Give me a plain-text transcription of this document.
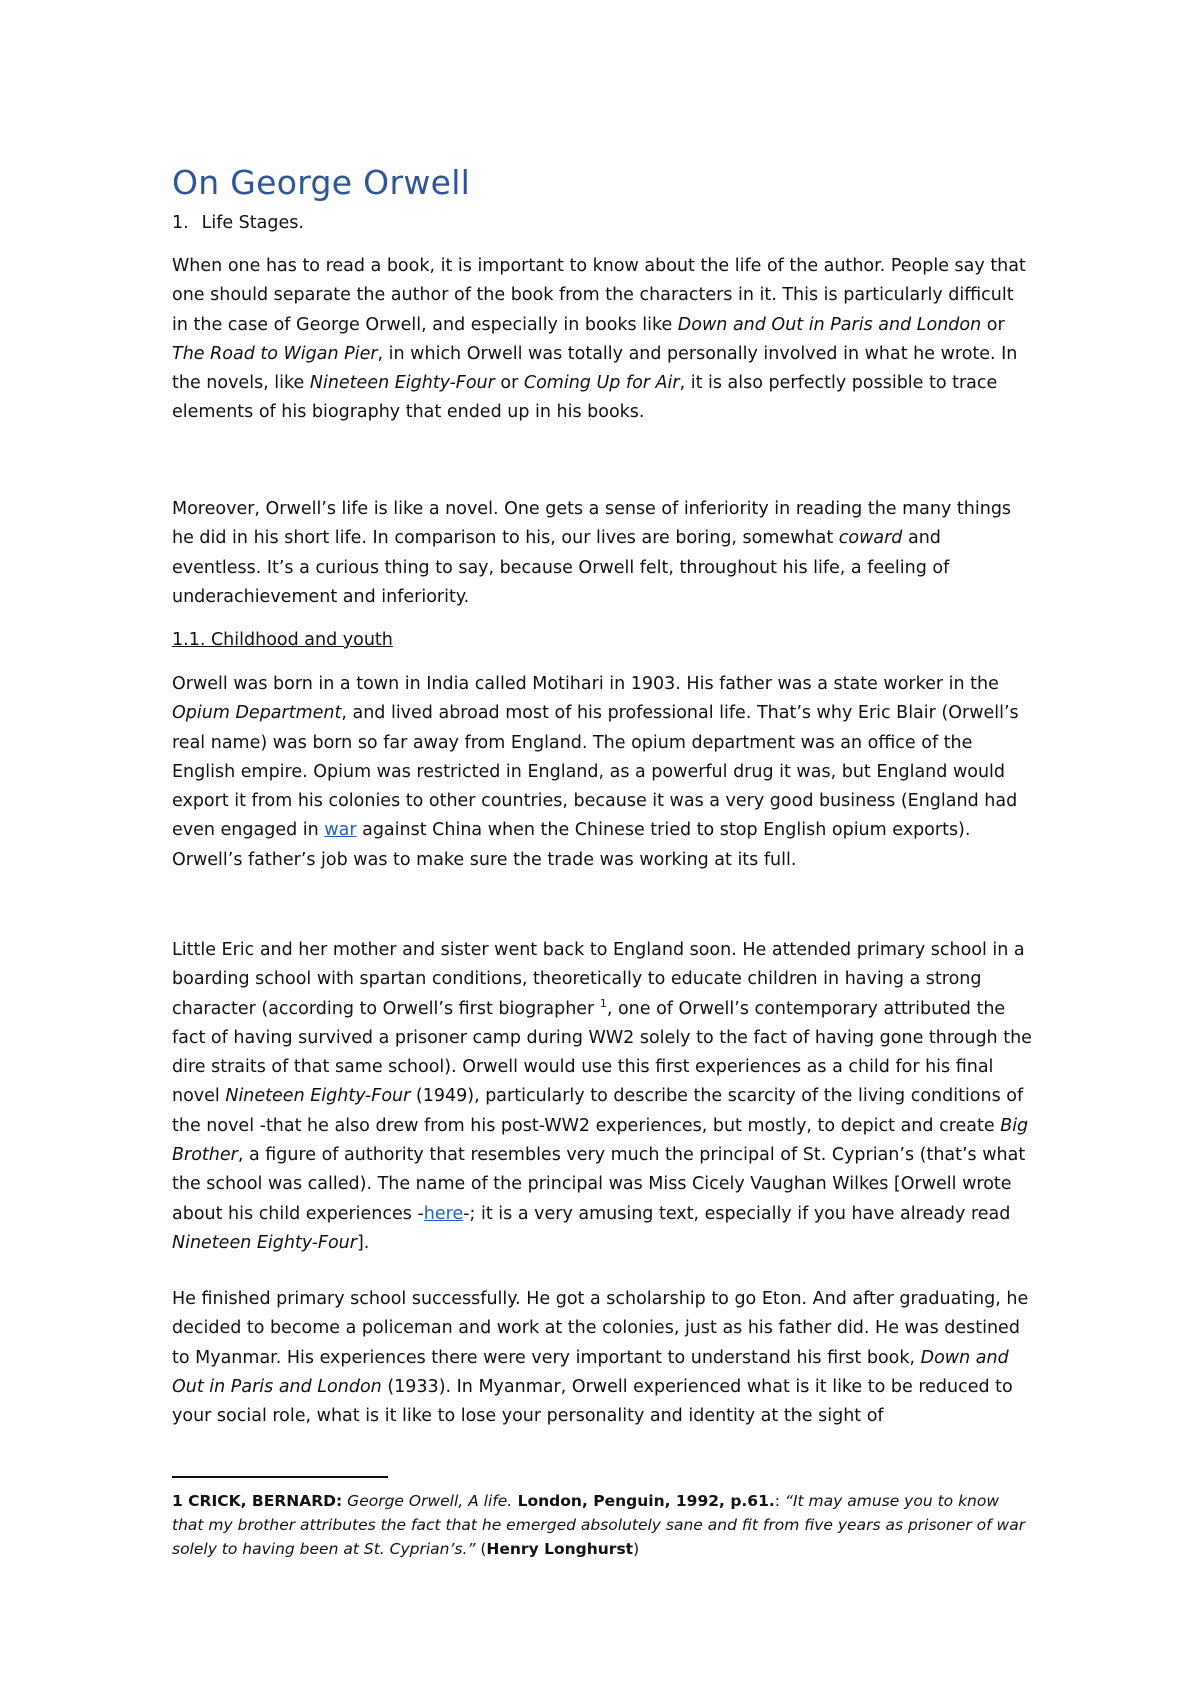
On George Orwell
1. Life Stages.

When one has to read a book, it is important to know about the life of the author. People say that one should separate the author of the book from the characters in it. This is particularly difficult in the case of George Orwell, and especially in books like Down and Out in Paris and London or The Road to Wigan Pier, in which Orwell was totally and personally involved in what he wrote. In the novels, like Nineteen Eighty-Four or Coming Up for Air, it is also perfectly possible to trace elements of his biography that ended up in his books.

Moreover, Orwell’s life is like a novel. One gets a sense of inferiority in reading the many things he did in his short life. In comparison to his, our lives are boring, somewhat coward and eventless. It’s a curious thing to say, because Orwell felt, throughout his life, a feeling of underachievement and inferiority.

1.1. Childhood and youth

Orwell was born in a town in India called Motihari in 1903. His father was a state worker in the Opium Department, and lived abroad most of his professional life. That’s why Eric Blair (Orwell’s real name) was born so far away from England. The opium department was an office of the English empire. Opium was restricted in England, as a powerful drug it was, but England would export it from his colonies to other countries, because it was a very good business (England had even engaged in war against China when the Chinese tried to stop English opium exports). Orwell’s father’s job was to make sure the trade was working at its full.

Little Eric and her mother and sister went back to England soon. He attended primary school in a boarding school with spartan conditions, theoretically to educate children in having a strong character (according to Orwell’s first biographer $^1$, one of Orwell’s contemporary attributed the fact of having survived a prisoner camp during WW2 solely to the fact of having gone through the dire straits of that same school). Orwell would use this first experiences as a child for his final novel Nineteen Eighty-Four (1949), particularly to describe the scarcity of the living conditions of the novel -that he also drew from his post-WW2 experiences, but mostly, to depict and create Big Brother, a figure of authority that resembles very much the principal of St. Cyprian’s (that’s what the school was called). The name of the principal was Miss Cicely Vaughan Wilkes [Orwell wrote about his child experiences -here-; it is a very amusing text, especially if you have already read Nineteen Eighty-Four].

He finished primary school successfully. He got a scholarship to go Eton. And after graduating, he decided to become a policeman and work at the colonies, just as his father did. He was destined to Myanmar. His experiences there were very important to understand his first book, Down and Out in Paris and London (1933). In Myanmar, Orwell experienced what is it like to be reduced to your social role, what is it like to lose your personality and identity at the sight of

1 CRICK, BERNARD: George Orwell, A life. London, Penguin, 1992, p.61.: “It may amuse you to know that my brother attributes the fact that he emerged absolutely sane and fit from five years as prisoner of war solely to having been at St. Cyprian’s.” (Henry Longhurst)
